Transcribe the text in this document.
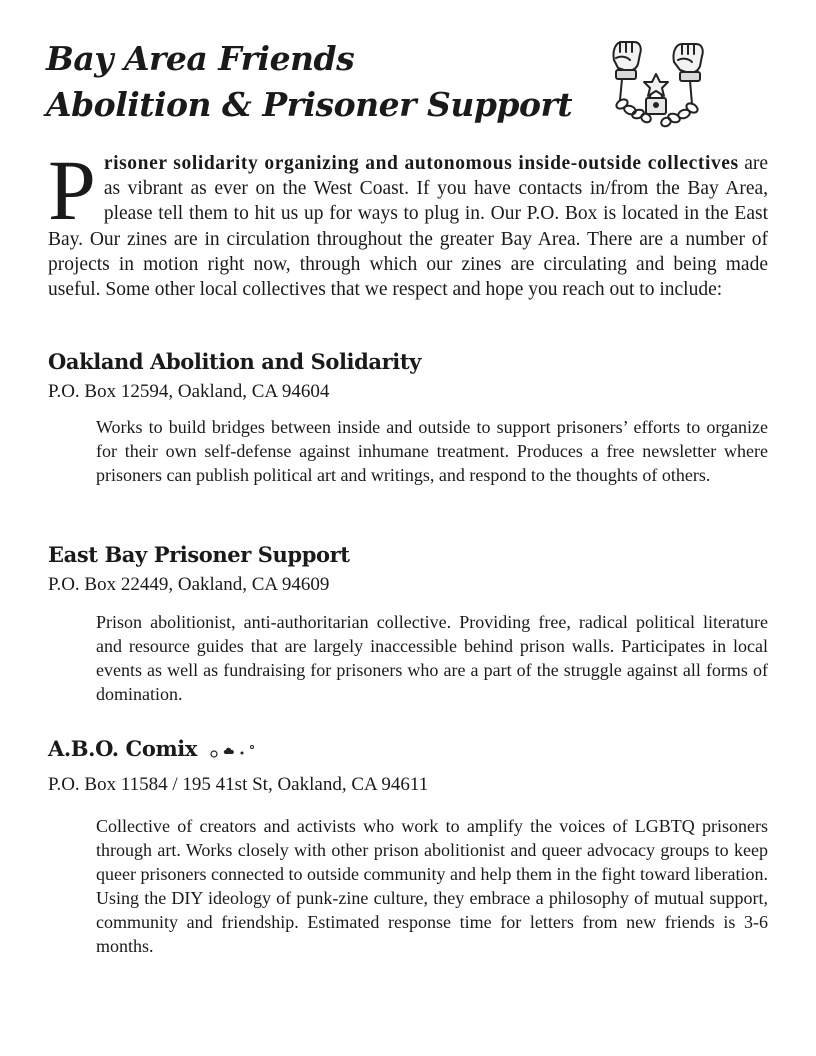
Bay Area Friends
Abolition & Prisoner Support

Prisoner solidarity organizing and autonomous inside-outside collectives are as vibrant as ever on the West Coast. If you have contacts in/from the Bay Area, please tell them to hit us up for ways to plug in. Our P.O. Box is located in the East Bay. Our zines are in circulation throughout the greater Bay Area. There are a number of projects in motion right now, through which our zines are circulating and being made useful. Some other local collectives that we respect and hope you reach out to include:

Oakland Abolition and Solidarity
P.O. Box 12594, Oakland, CA 94604

Works to build bridges between inside and outside to support prisoners’ efforts to organize for their own self-defense against inhumane treatment. Produces a free newsletter where prisoners can publish political art and writings, and respond to the thoughts of others.

East Bay Prisoner Support
P.O. Box 22449, Oakland, CA 94609

Prison abolitionist, anti-authoritarian collective. Providing free, radical political literature and resource guides that are largely inaccessible behind prison walls. Participates in local events as well as fundraising for prisoners who are a part of the struggle against all forms of domination.

A.B.O. Comix
P.O. Box 11584 / 195 41st St, Oakland, CA 94611

Collective of creators and activists who work to amplify the voices of LGBTQ prisoners through art. Works closely with other prison abolitionist and queer advocacy groups to keep queer prisoners connected to outside community and help them in the fight toward liberation. Using the DIY ideology of punk-zine culture, they embrace a philosophy of mutual support, community and friendship. Estimated response time for letters from new friends is 3-6 months.
